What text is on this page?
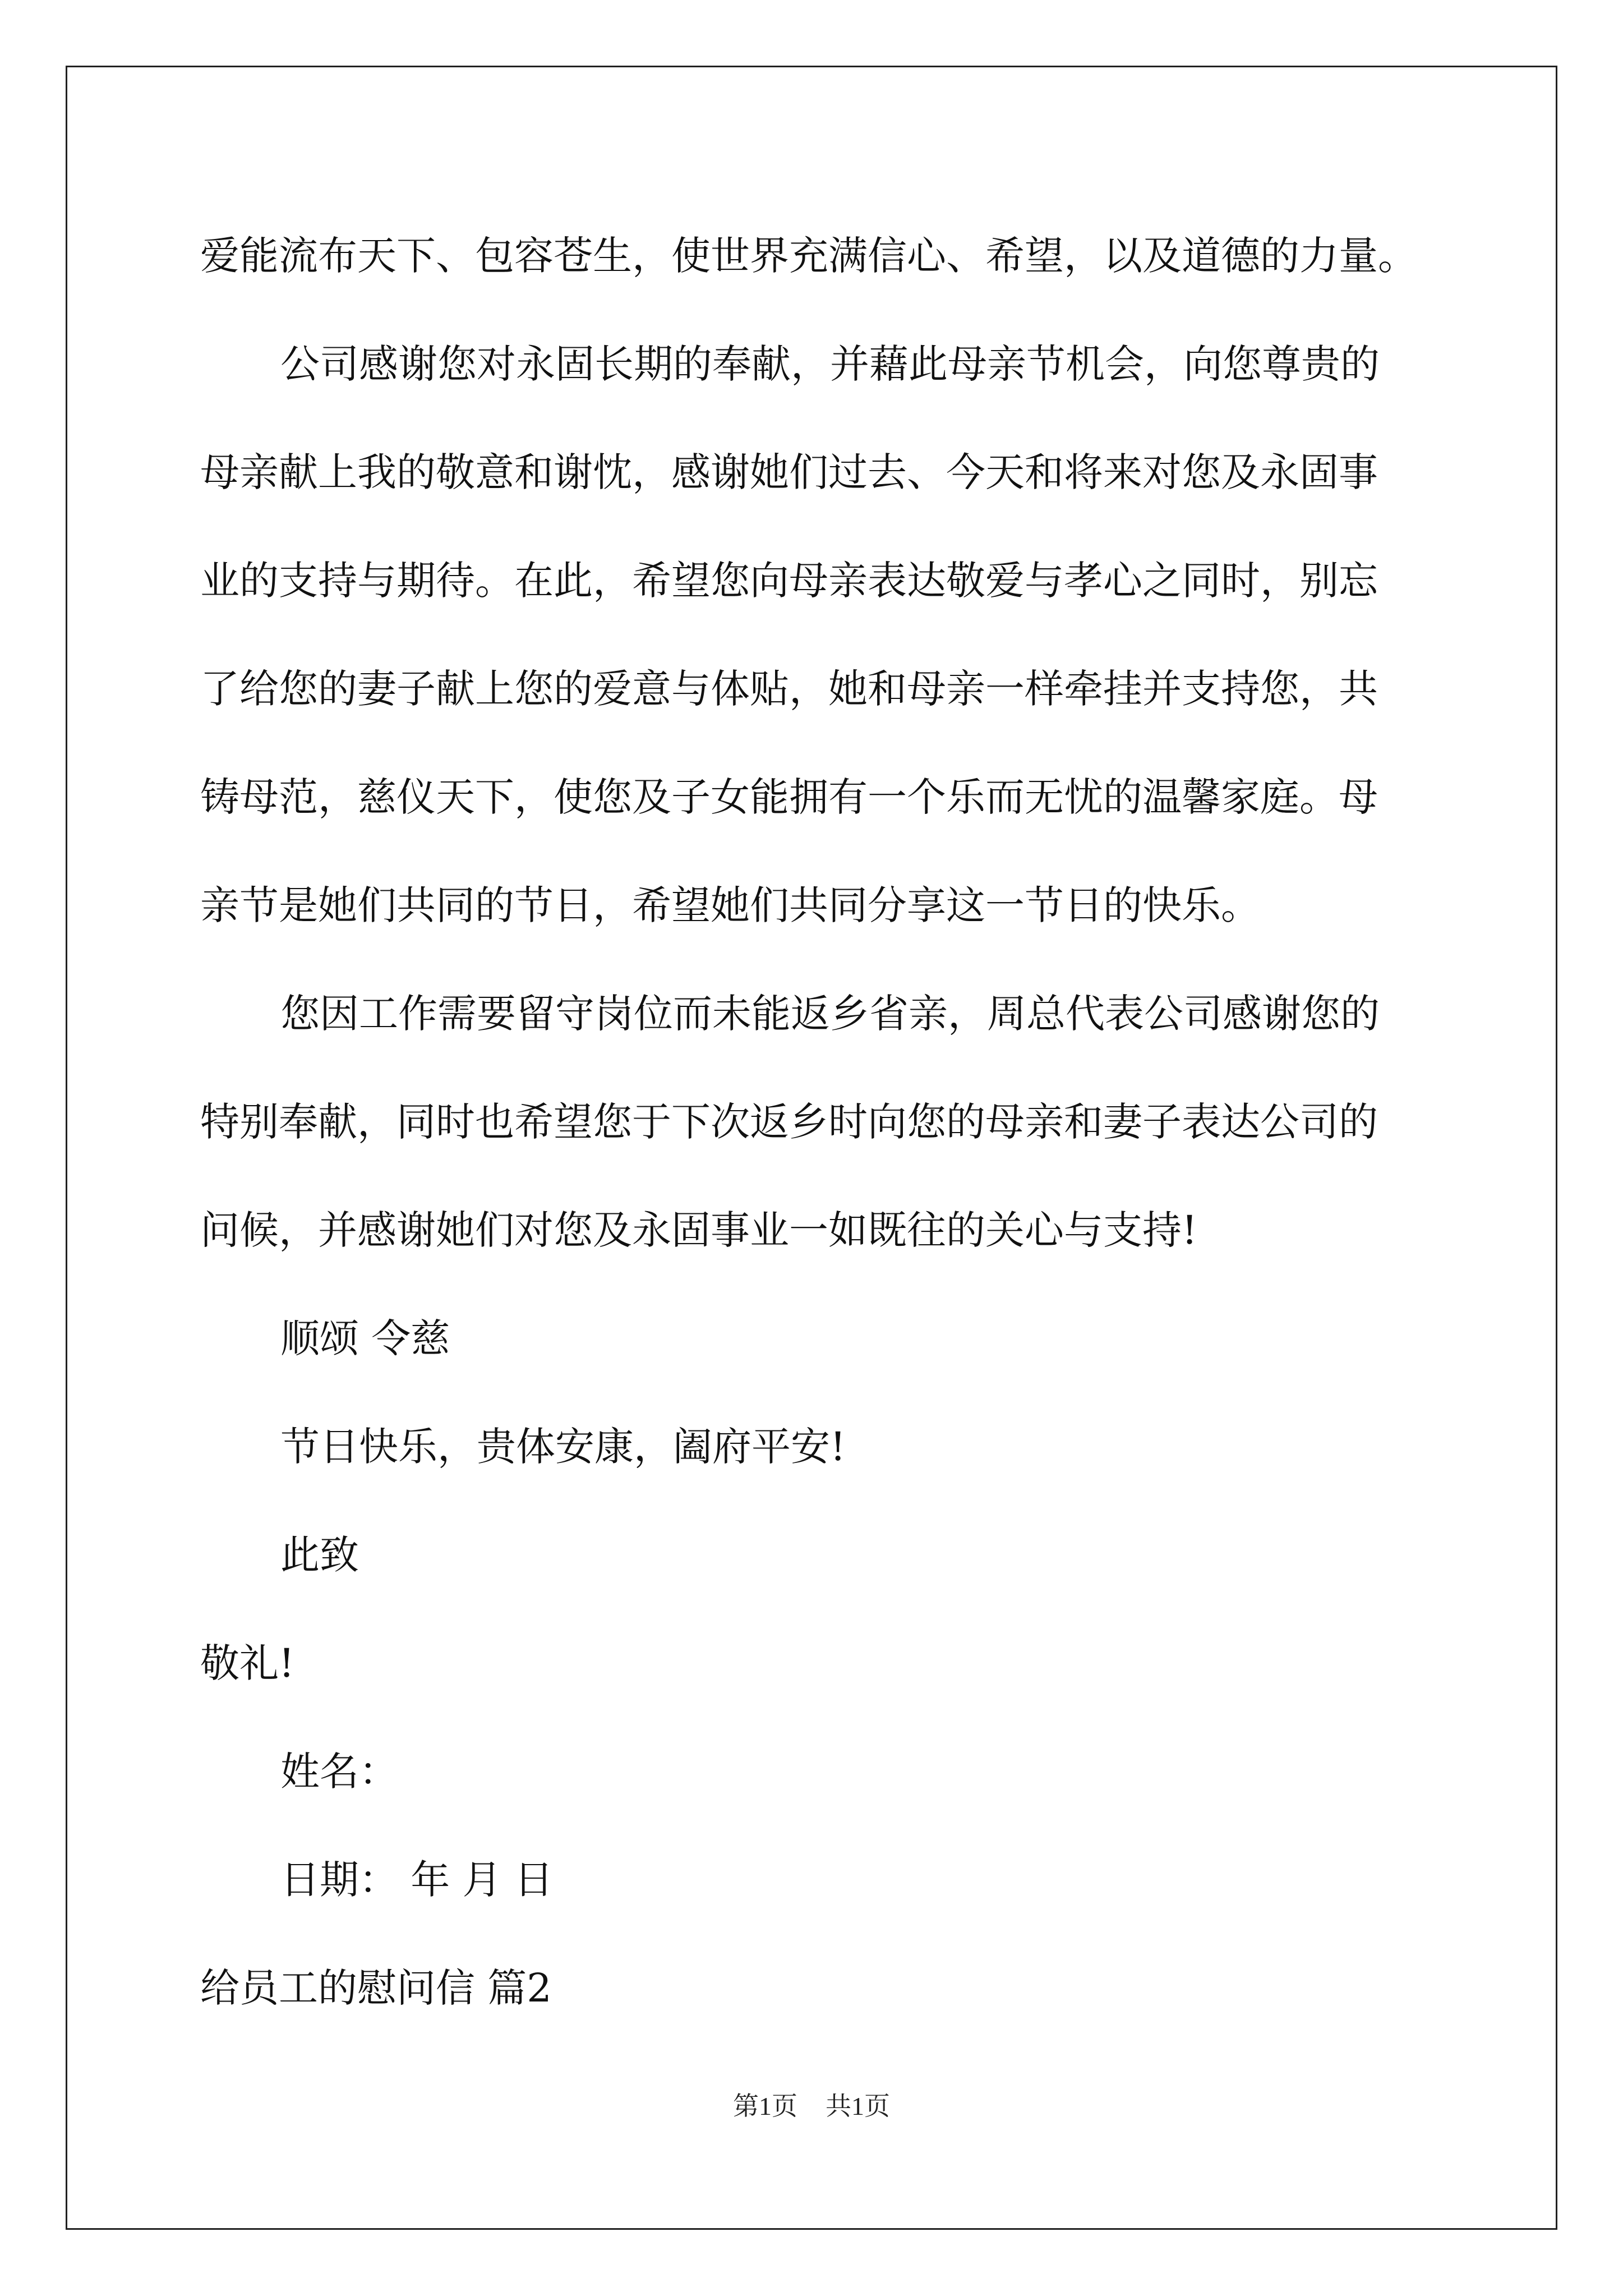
爱能流布天下、包容苍生，使世界充满信心、希望，以及道德的力量。
公司感谢您对永固长期的奉献，并藉此母亲节机会，向您尊贵的
母亲献上我的敬意和谢忱，感谢她们过去、今天和将来对您及永固事
业的支持与期待。在此，希望您向母亲表达敬爱与孝心之同时，别忘
了给您的妻子献上您的爱意与体贴，她和母亲一样牵挂并支持您，共
铸母范，慈仪天下，使您及子女能拥有一个乐而无忧的温馨家庭。母
亲节是她们共同的节日，希望她们共同分享这一节日的快乐。
您因工作需要留守岗位而未能返乡省亲，周总代表公司感谢您的
特别奉献，同时也希望您于下次返乡时向您的母亲和妻子表达公司的
问候，并感谢她们对您及永固事业一如既往的关心与支持!
顺颂 令慈
节日快乐，贵体安康，阖府平安!
此致
敬礼!
姓名：
日期： 年 月 日
给员工的慰问信 篇2
第1页 共1页
